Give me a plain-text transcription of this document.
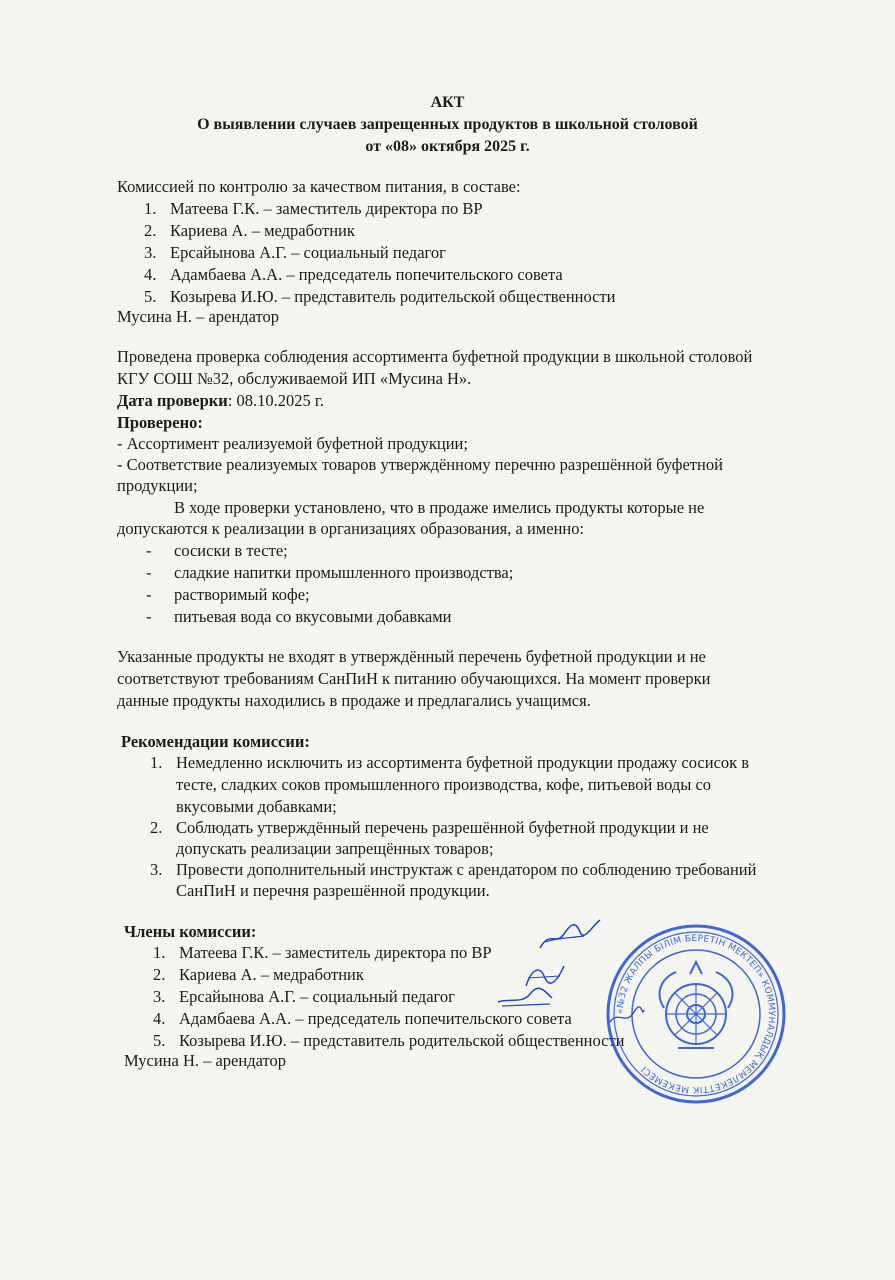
АКТ
О выявлении случаев запрещенных продуктов в школьной столовой
от «08» октября 2025 г.
Комиссией по контролю за качеством питания, в составе:
1. Матеева Г.К. – заместитель директора по ВР
2. Кариева А. – медработник
3. Ерсайынова А.Г. – социальный педагог
4. Адамбаева А.А. – председатель попечительского совета
5. Козырева И.Ю. – представитель родительской общественности
Мусина Н. – арендатор
Проведена проверка соблюдения ассортимента буфетной продукции в школьной столовой
КГУ СОШ №32, обслуживаемой ИП «Мусина Н».
Дата проверки: 08.10.2025 г.
Проверено:
- Ассортимент реализуемой буфетной продукции;
- Соответствие реализуемых товаров утверждённому перечню разрешённой буфетной
продукции;
В ходе проверки установлено, что в продаже имелись продукты которые не
допускаются к реализации в организациях образования, а именно:
- сосиски в тесте;
- сладкие напитки промышленного производства;
- растворимый кофе;
- питьевая вода со вкусовыми добавками
Указанные продукты не входят в утверждённый перечень буфетной продукции и не
соответствуют требованиям СанПиН к питанию обучающихся. На момент проверки
данные продукты находились в продаже и предлагались учащимся.
Рекомендации комиссии:
1. Немедленно исключить из ассортимента буфетной продукции продажу сосисок в
тесте, сладких соков промышленного производства, кофе, питьевой воды со
вкусовыми добавками;
2. Соблюдать утверждённый перечень разрешённой буфетной продукции и не
допускать реализации запрещённых товаров;
3. Провести дополнительный инструктаж с арендатором по соблюдению требований
СанПиН и перечня разрешённой продукции.
Члены комиссии:
1. Матеева Г.К. – заместитель директора по ВР
2. Кариева А. – медработник
3. Ерсайынова А.Г. – социальный педагог
4. Адамбаева А.А. – председатель попечительского совета
5. Козырева И.Ю. – представитель родительской общественности
Мусина Н. – арендатор
«№32 ЖАЛПЫ БІЛІМ БЕРЕТІН МЕКТЕП» КОММУНАЛДЫҚ МЕМЛЕКЕТТІК МЕКЕМЕСІ
